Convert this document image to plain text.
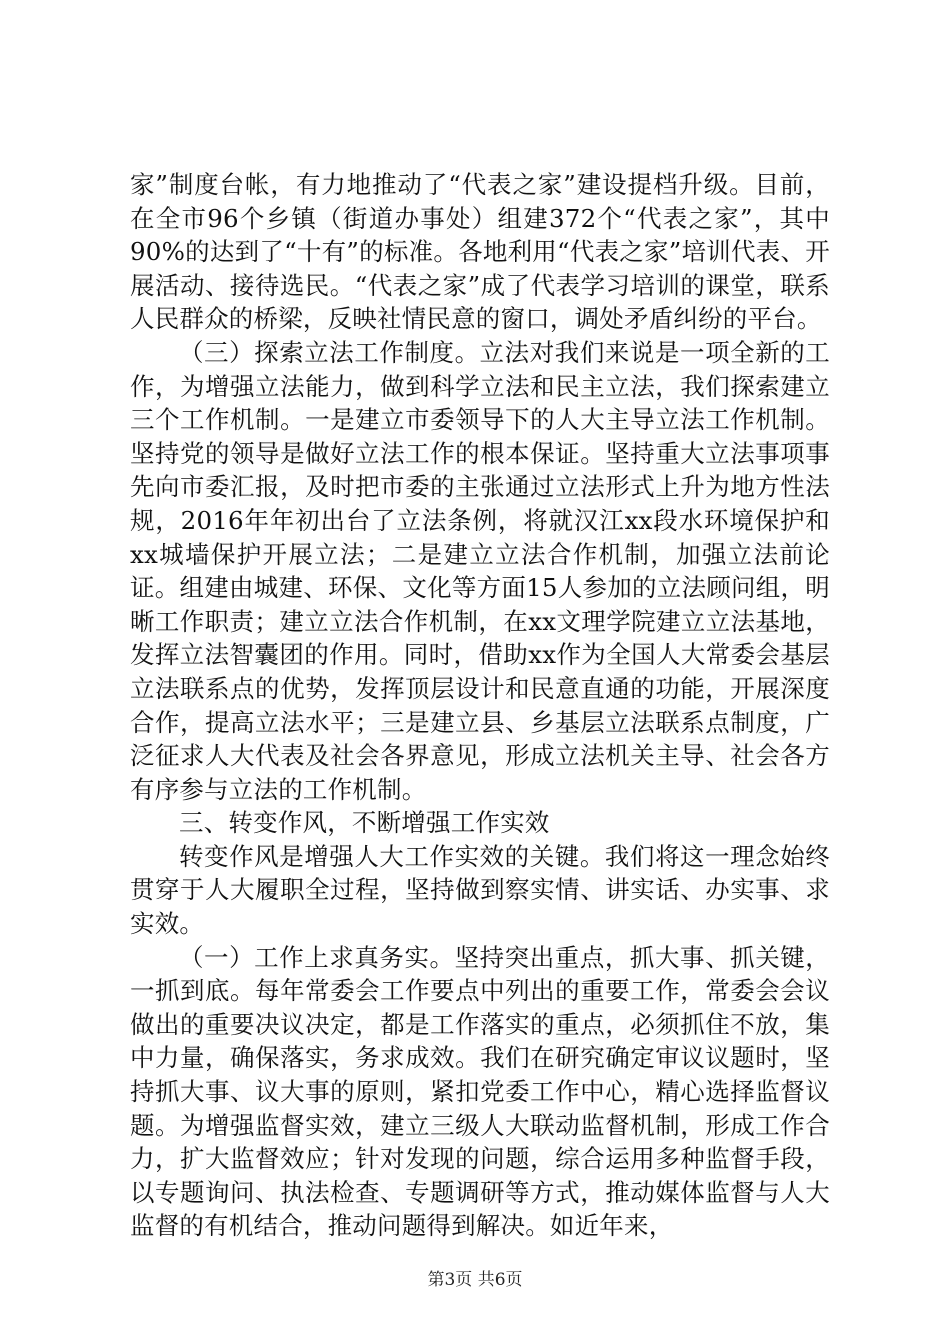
家”制度台帐，有力地推动了“代表之家”建设提档升级。目前，在全市96个乡镇（街道办事处）组建372个“代表之家”，其中90%的达到了“十有”的标准。各地利用“代表之家”培训代表、开展活动、接待选民。“代表之家”成了代表学习培训的课堂，联系人民群众的桥梁，反映社情民意的窗口，调处矛盾纠纷的平台。

（三）探索立法工作制度。立法对我们来说是一项全新的工作，为增强立法能力，做到科学立法和民主立法，我们探索建立三个工作机制。一是建立市委领导下的人大主导立法工作机制。坚持党的领导是做好立法工作的根本保证。坚持重大立法事项事先向市委汇报，及时把市委的主张通过立法形式上升为地方性法规，2016年年初出台了立法条例，将就汉江xx段水环境保护和xx城墙保护开展立法；二是建立立法合作机制，加强立法前论证。组建由城建、环保、文化等方面15人参加的立法顾问组，明晰工作职责；建立立法合作机制，在xx文理学院建立立法基地，发挥立法智囊团的作用。同时，借助xx作为全国人大常委会基层立法联系点的优势，发挥顶层设计和民意直通的功能，开展深度合作，提高立法水平；三是建立县、乡基层立法联系点制度，广泛征求人大代表及社会各界意见，形成立法机关主导、社会各方有序参与立法的工作机制。

三、转变作风，不断增强工作实效

转变作风是增强人大工作实效的关键。我们将这一理念始终贯穿于人大履职全过程，坚持做到察实情、讲实话、办实事、求实效。

（一）工作上求真务实。坚持突出重点，抓大事、抓关键，一抓到底。每年常委会工作要点中列出的重要工作，常委会会议做出的重要决议决定，都是工作落实的重点，必须抓住不放，集中力量，确保落实，务求成效。我们在研究确定审议议题时，坚持抓大事、议大事的原则，紧扣党委工作中心，精心选择监督议题。为增强监督实效，建立三级人大联动监督机制，形成工作合力，扩大监督效应；针对发现的问题，综合运用多种监督手段，以专题询问、执法检查、专题调研等方式，推动媒体监督与人大监督的有机结合，推动问题得到解决。如近年来，

第3页 共6页
